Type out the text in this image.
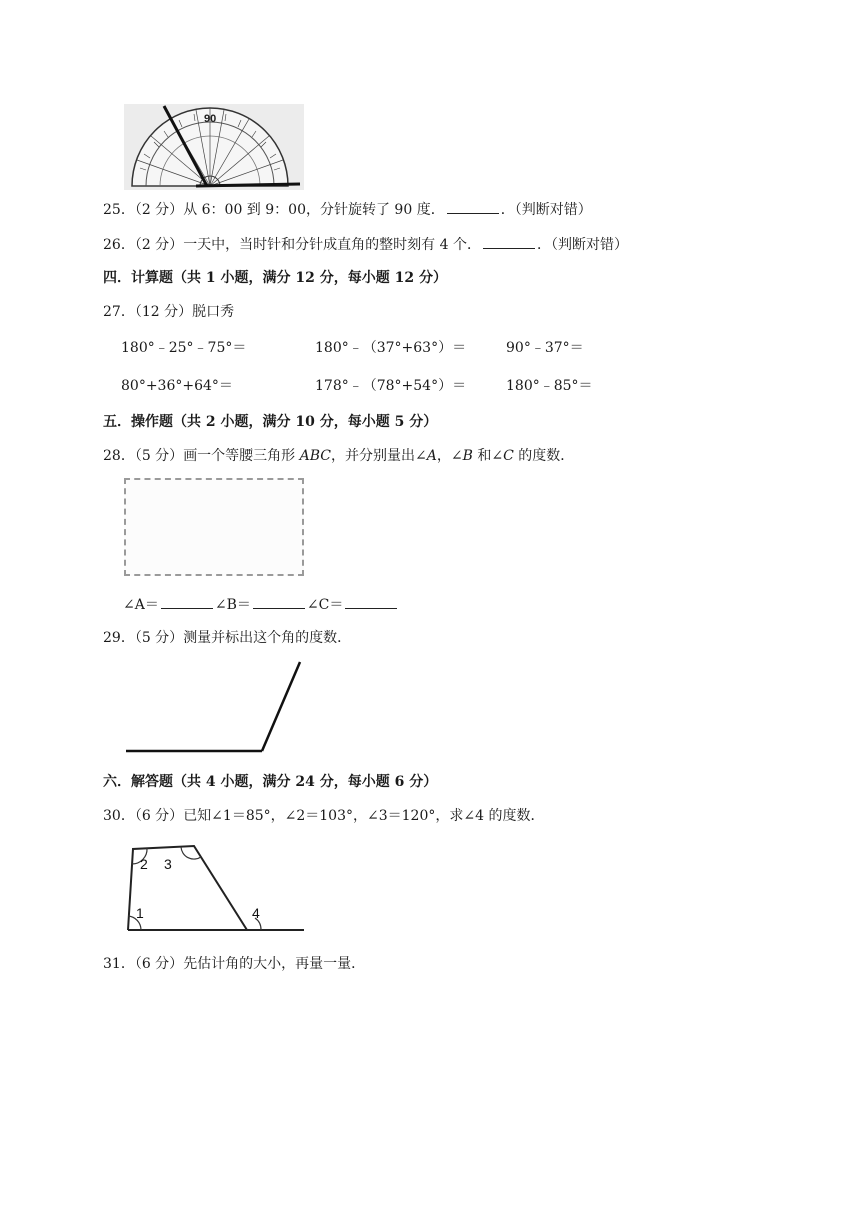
90
25．（2 分）从 6：00 到 9：00，分针旋转了 90 度．	．（判断对错）
26．（2 分）一天中，当时针和分针成直角的整时刻有 4 个．	．（判断对错）
四．计算题（共 1 小题，满分 12 分，每小题 12 分）
27．（12 分）脱口秀
180°﹣25°﹣75°＝	180°﹣（37°+63°）＝	90°﹣37°＝
80°+36°+64°＝	178°﹣（78°+54°）＝	180°﹣85°＝
五．操作题（共 2 小题，满分 10 分，每小题 5 分）
28．（5 分）画一个等腰三角形 ABC，并分别量出∠A，∠B 和∠C 的度数．
∠A＝	∠B＝	∠C＝
29．（5 分）测量并标出这个角的度数．
六．解答题（共 4 小题，满分 24 分，每小题 6 分）
30．（6 分）已知∠1＝85°，∠2＝103°，∠3＝120°，求∠4 的度数．
1
2 3
4
31．（6 分）先估计角的大小，再量一量．
